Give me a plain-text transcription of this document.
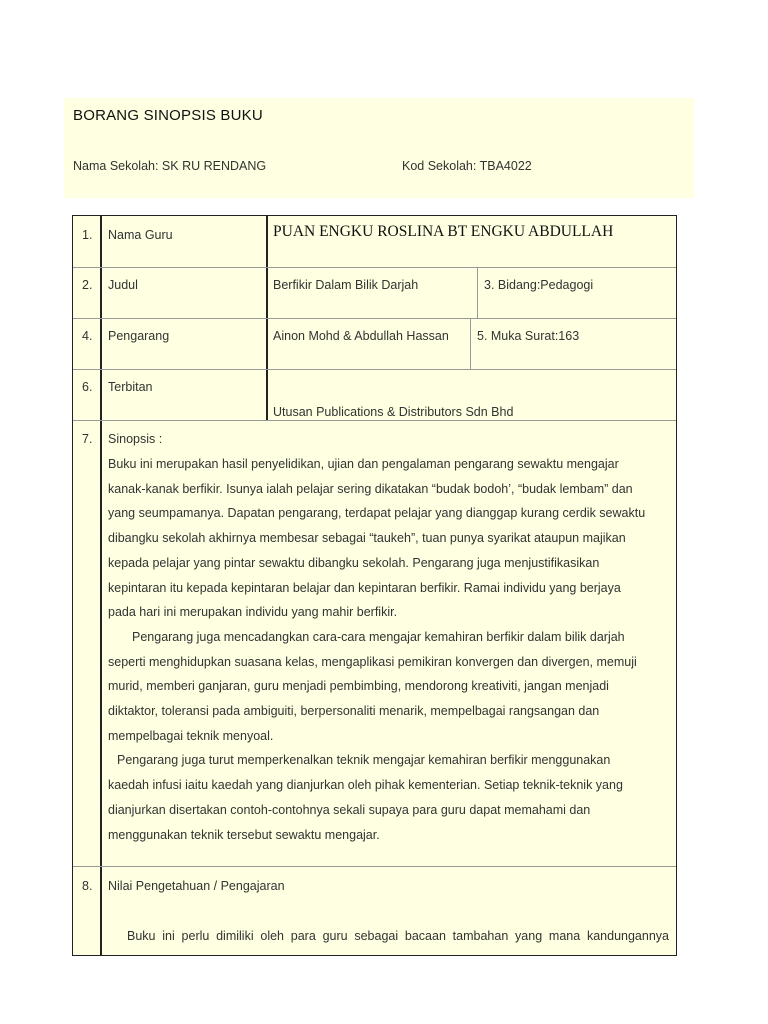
BORANG SINOPSIS BUKU
Nama Sekolah: SK RU RENDANG	Kod Sekolah: TBA4022
1. Nama Guru	PUAN ENGKU ROSLINA BT ENGKU ABDULLAH
2. Judul	Berfikir Dalam Bilik Darjah	3. Bidang:Pedagogi
4. Pengarang	Ainon Mohd & Abdullah Hassan 5. Muka Surat:163
6. Terbitan
Utusan Publications & Distributors Sdn Bhd
7. Sinopsis :
Buku ini merupakan hasil penyelidikan, ujian dan pengalaman pengarang sewaktu mengajar
kanak-kanak berfikir. Isunya ialah pelajar sering dikatakan “budak bodoh’, “budak lembam” dan
yang seumpamanya. Dapatan pengarang, terdapat pelajar yang dianggap kurang cerdik sewaktu
dibangku sekolah akhirnya membesar sebagai “taukeh”, tuan punya syarikat ataupun majikan
kepada pelajar yang pintar sewaktu dibangku sekolah. Pengarang juga menjustifikasikan
kepintaran itu kepada kepintaran belajar dan kepintaran berfikir. Ramai individu yang berjaya
pada hari ini merupakan individu yang mahir berfikir.
Pengarang juga mencadangkan cara-cara mengajar kemahiran berfikir dalam bilik darjah
seperti menghidupkan suasana kelas, mengaplikasi pemikiran konvergen dan divergen, memuji
murid, memberi ganjaran, guru menjadi pembimbing, mendorong kreativiti, jangan menjadi
diktaktor, toleransi pada ambiguiti, berpersonaliti menarik, mempelbagai rangsangan dan
mempelbagai teknik menyoal.
Pengarang juga turut memperkenalkan teknik mengajar kemahiran berfikir menggunakan
kaedah infusi iaitu kaedah yang dianjurkan oleh pihak kementerian. Setiap teknik-teknik yang
dianjurkan disertakan contoh-contohnya sekali supaya para guru dapat memahami dan
menggunakan teknik tersebut sewaktu mengajar.
8. Nilai Pengetahuan / Pengajaran
Buku ini perlu dimiliki oleh para guru sebagai bacaan tambahan yang mana kandungannya
